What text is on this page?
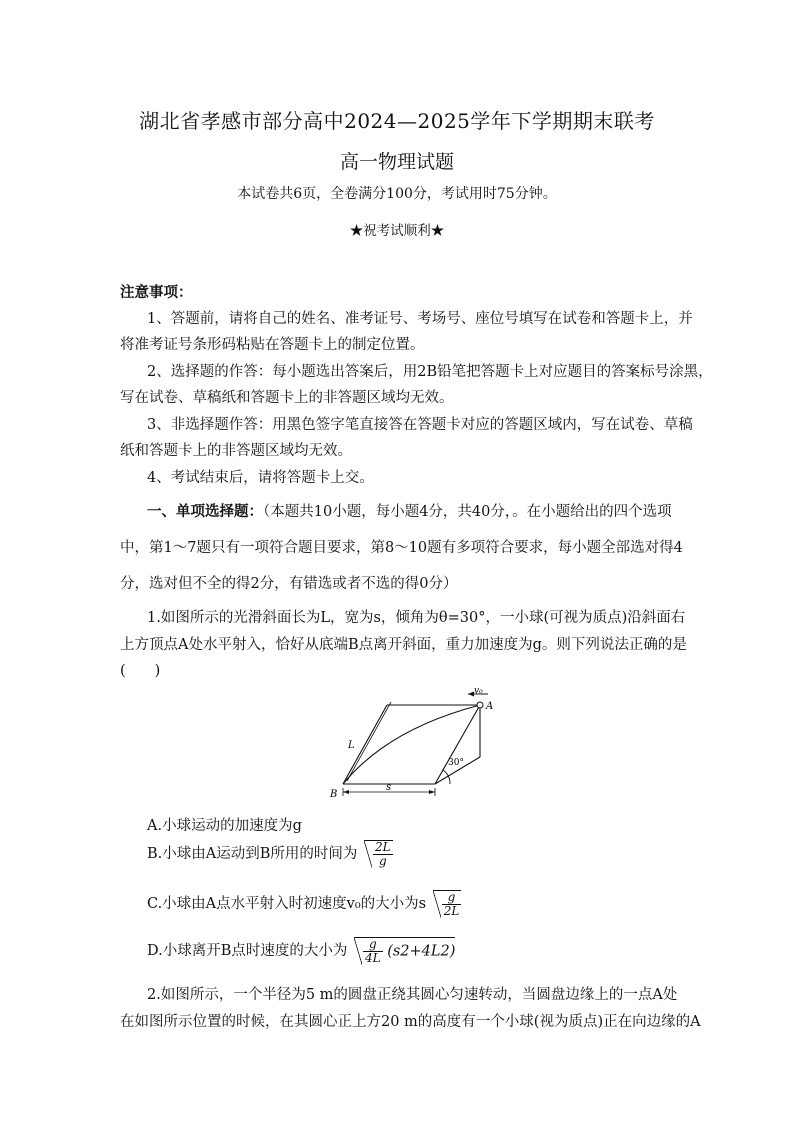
湖北省孝感市部分高中2024—2025学年下学期期末联考
高一物理试题
本试卷共6页，全卷满分100分，考试用时75分钟。
★祝考试顺利★
注意事项：
1、答题前，请将自己的姓名、准考证号、考场号、座位号填写在试卷和答题卡上，并
将准考证号条形码粘贴在答题卡上的制定位置。
2、选择题的作答：每小题选出答案后，用2B铅笔把答题卡上对应题目的答案标号涂黑，
写在试卷、草稿纸和答题卡上的非答题区域均无效。
3、非选择题作答：用黑色签字笔直接答在答题卡对应的答题区域内，写在试卷、草稿
纸和答题卡上的非答题区域均无效。
4、考试结束后，请将答题卡上交。
一、单项选择题：（本题共10小题，每小题4分，共40分，。在小题给出的四个选项
中，第1～7题只有一项符合题目要求，第8～10题有多项符合要求，每小题全部选对得4
分，选对但不全的得2分，有错选或者不选的得0分）
1.如图所示的光滑斜面长为L，宽为s，倾角为θ=30°，一小球(可视为质点)沿斜面右
上方顶点A处水平射入，恰好从底端B点离开斜面，重力加速度为g。则下列说法正确的是
(　　)
v₀
A
B
L
s
30°
A.小球运动的加速度为g
B.小球由A运动到B所用的时间为 $\frac{2L}{g}$
C.小球由A点水平射入时初速度v₀的大小为s $\frac{g}{2L}$
D.小球离开B点时速度的大小为 $\frac{g}{4L} (s2+4L2)$
2.如图所示，一个半径为5 m的圆盘正绕其圆心匀速转动，当圆盘边缘上的一点A处
在如图所示位置的时候，在其圆心正上方20 m的高度有一个小球(视为质点)正在向边缘的A
